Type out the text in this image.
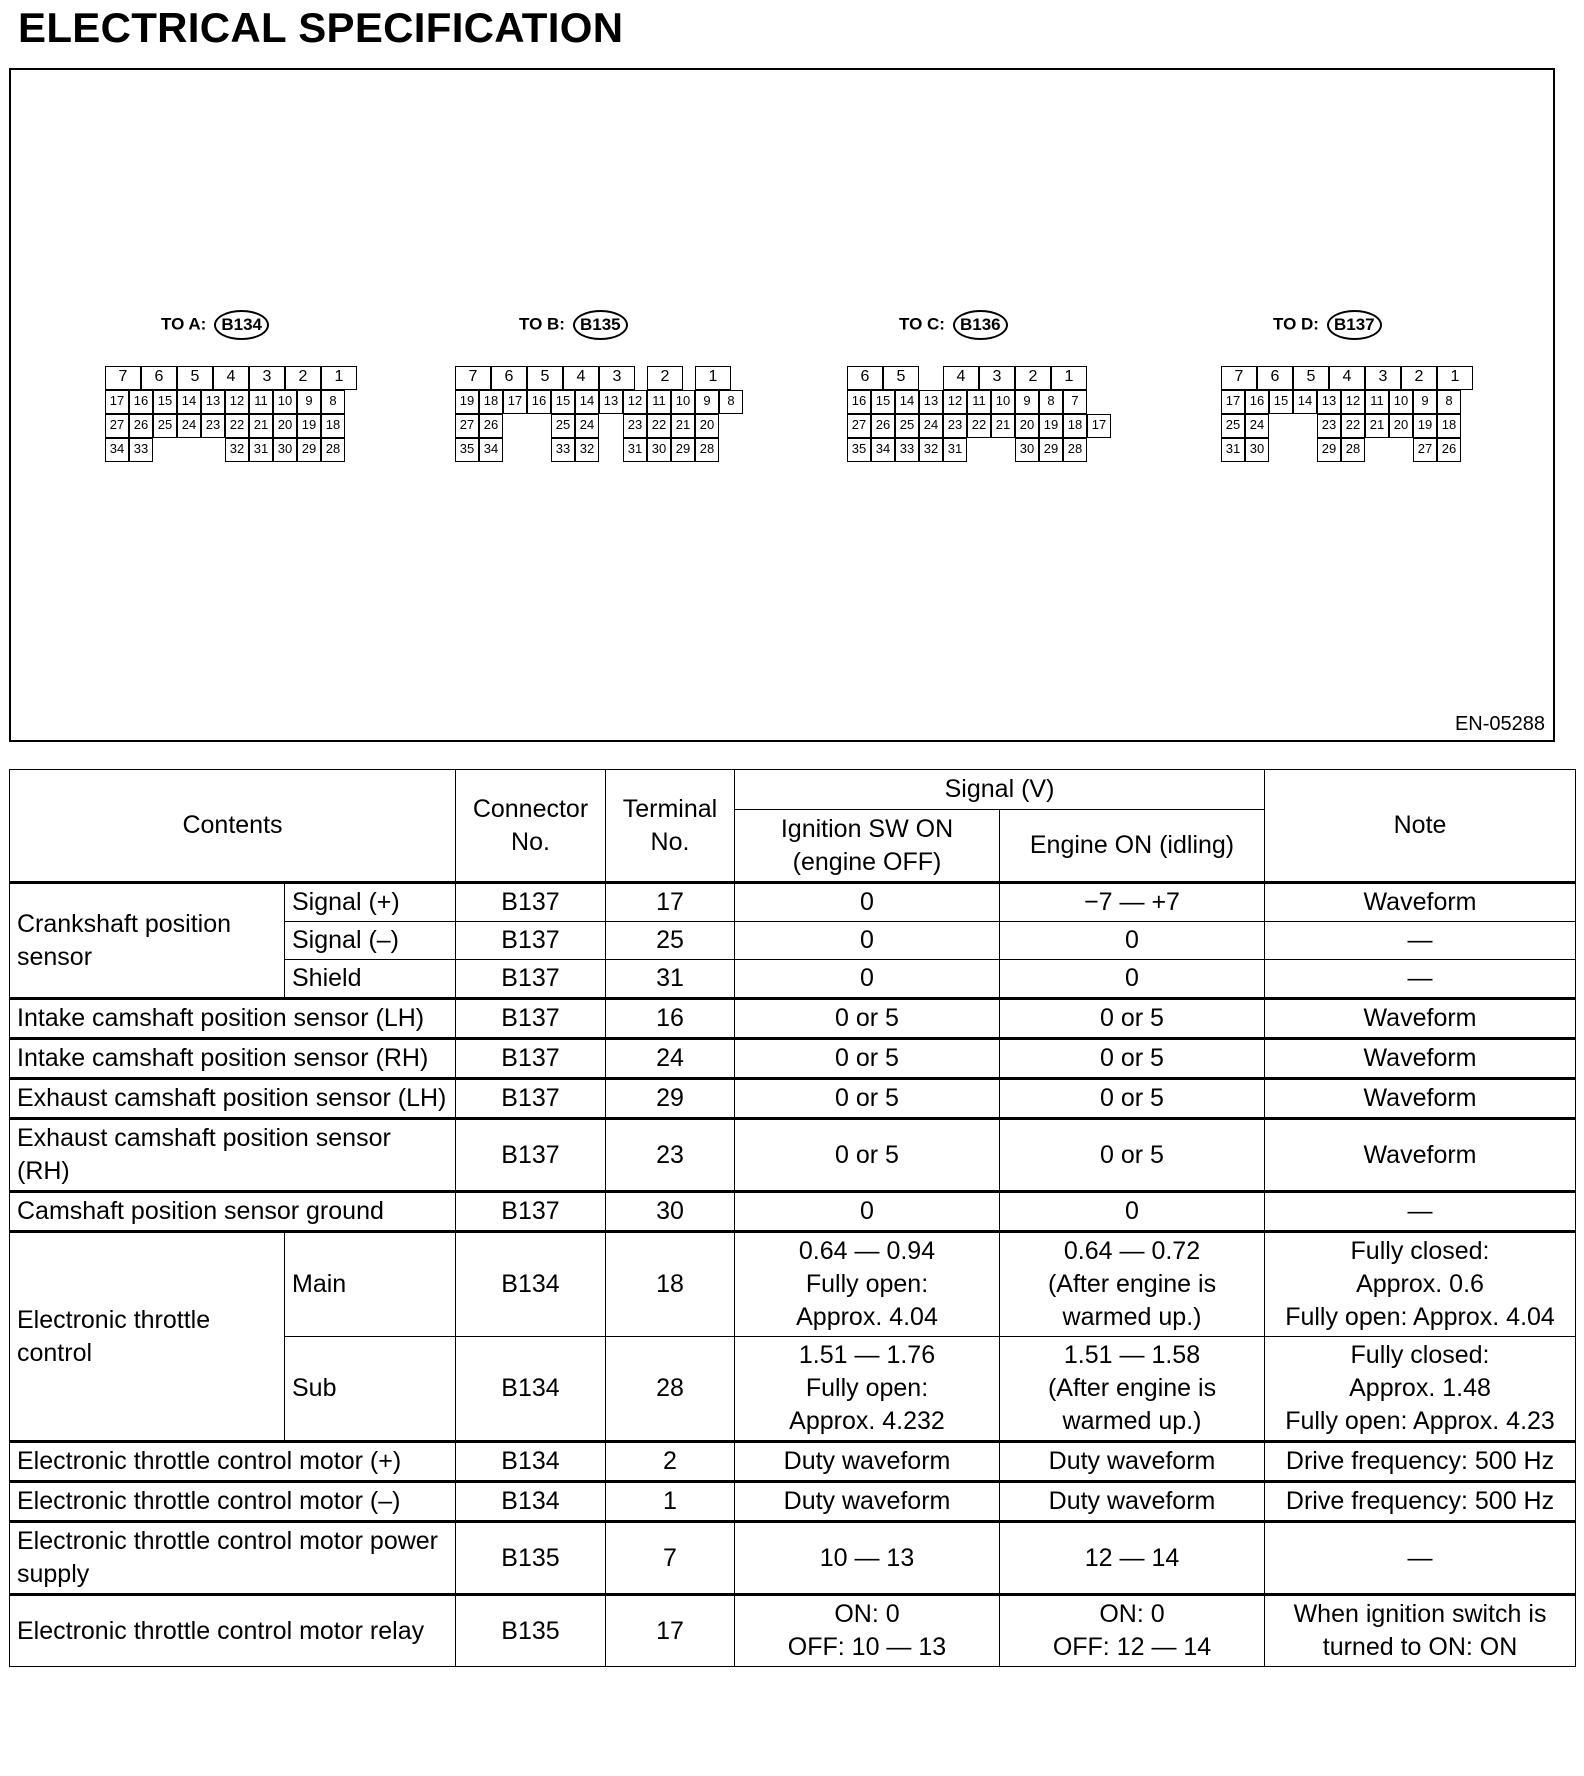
ELECTRICAL SPECIFICATION
TO A: B134	TO B: B135	TO C: B136	TO D: B137
7	6	5	4	3	2	1
17 16 15 14 13 12 11 10	9	8
27 26 25 24 23 22 21 20 19 18
34 33	32 31 30 29 28
7	6	5	4	3	2	1
19 18 17 16 15 14 13 12 11 10	9	8
27 26	25 24	23 22 21 20
35 34	33 32	31 30 29 28
6	5	4	3	2	1
16 15 14 13 12 11 10	9	8	7
27 26 25 24 23 22 21 20 19 18 17
35 34 33 32 31	30 29 28
7	6	5	4	3	2	1
17 16 15 14 13 12 11 10	9	8
25 24	23 22 21 20 19 18
31 30	29 28	27 26
EN-05288
Contents		Connector No.	Terminal No.	Signal (V)		Note
				Ignition SW ON (engine OFF)	Engine ON (idling)	
Crankshaft position sensor	Signal (+)	B137	17	0	−7 — +7	Waveform
	Signal (–)	B137	25	0	0	—
	Shield	B137	31	0	0	—
Intake camshaft position sensor (LH)		B137	16	0 or 5	0 or 5	Waveform
Intake camshaft position sensor (RH)		B137	24	0 or 5	0 or 5	Waveform
Exhaust camshaft position sensor (LH)		B137	29	0 or 5	0 or 5	Waveform
Exhaust camshaft position sensor (RH)		B137	23	0 or 5	0 or 5	Waveform
Camshaft position sensor ground		B137	30	0	0	—
Electronic throttle control	Main	B134	18	0.64 — 0.94
Fully open:
Approx. 4.04	0.64 — 0.72
(After engine is
warmed up.)	Fully closed:
Approx. 0.6
Fully open: Approx. 4.04
	Sub	B134	28	1.51 — 1.76
Fully open:
Approx. 4.232	1.51 — 1.58
(After engine is
warmed up.)	Fully closed:
Approx. 1.48
Fully open: Approx. 4.23
Electronic throttle control motor (+)		B134	2	Duty waveform	Duty waveform	Drive frequency: 500 Hz
Electronic throttle control motor (–)		B134	1	Duty waveform	Duty waveform	Drive frequency: 500 Hz
Electronic throttle control motor power supply		B135	7	10 — 13	12 — 14	—
Electronic throttle control motor relay		B135	17	ON: 0
OFF: 10 — 13	ON: 0
OFF: 12 — 14	When ignition switch is
turned to ON: ON
